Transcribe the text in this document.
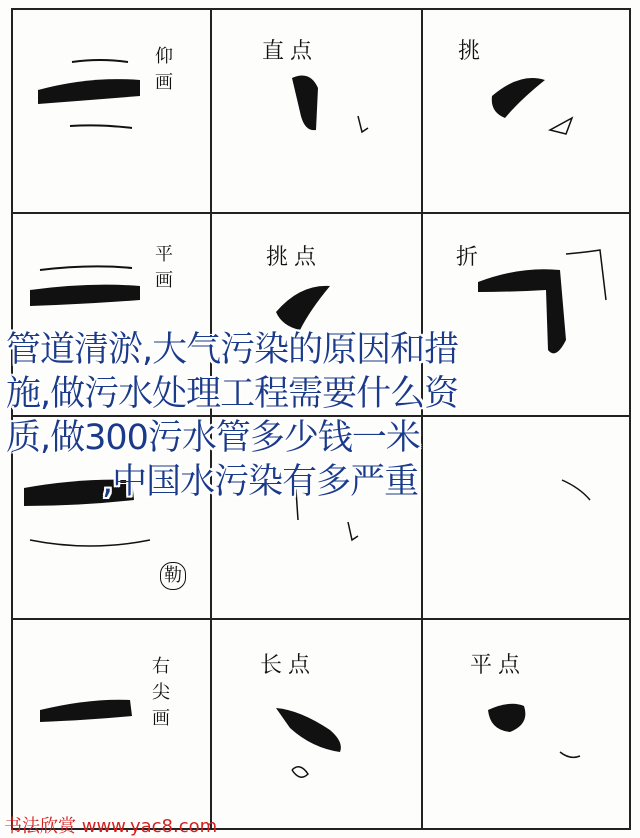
仰
画
直点	挑
平
画
挑点	折
勒
右
尖
画
长点	平点
管道清淤,大气污染的原因和措
施,做污水处理工程需要什么资
质,做300污水管多少钱一米
,中国水污染有多严重
书法欣赏 www.yac8.com
